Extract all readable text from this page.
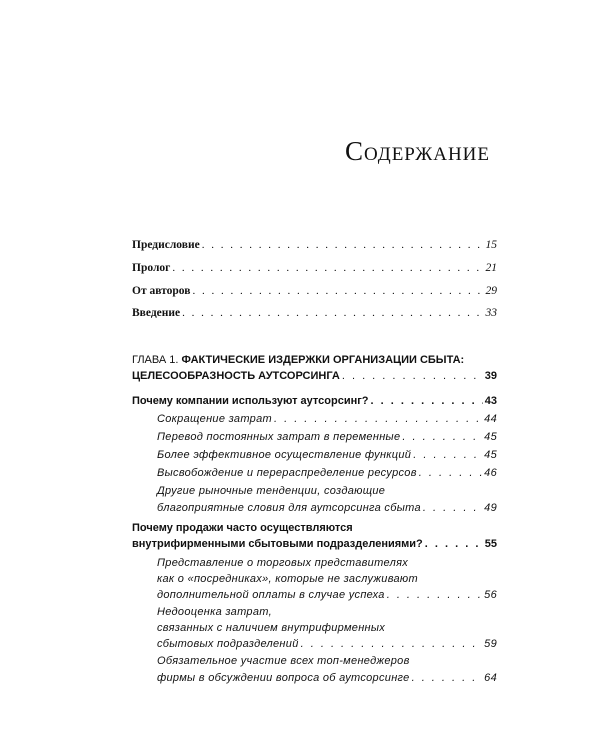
Содержание
Предисловие . . .	15
Пролог . . .	21
От авторов . . .	29
Введение . . .	33
ГЛАВА 1. ФАКТИЧЕСКИЕ ИЗДЕРЖКИ ОРГАНИЗАЦИИ СБЫТА:
ЦЕЛЕСООБРАЗНОСТЬ АУТСОРСИНГА . . .	39
Почему компании используют аутсорсинг? . . .	43
Сокращение затрат . . .	44
Перевод постоянных затрат в переменные . . .	45
Более эффективное осуществление функций . . .	45
Высвобождение и перераспределение ресурсов . . .	46
Другие рыночные тенденции, создающие
благоприятные словия для аутсорсинга сбыта . . .	49
Почему продажи часто осуществляются
внутрифирменными сбытовыми подразделениями? . . .	55
Представление о торговых представителях
как о «посредниках», которые не заслуживают
дополнительной оплаты в случае успеха . . .	56
Недооценка затрат,
связанных с наличием внутрифирменных
сбытовых подразделений . . .	59
Обязательное участие всех топ-менеджеров
фирмы в обсуждении вопроса об аутсорсинге . . .	64
